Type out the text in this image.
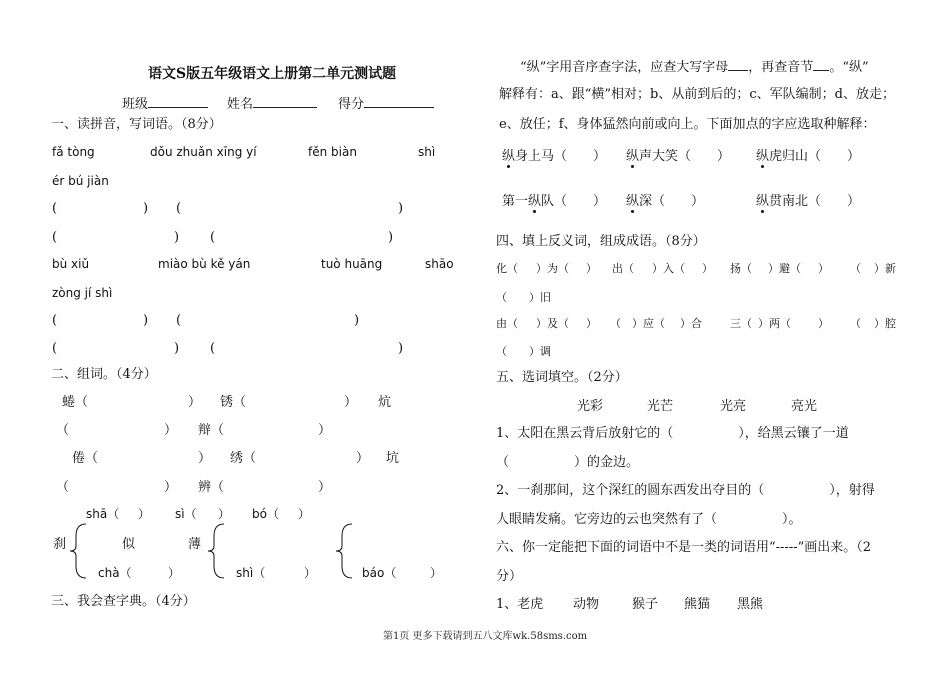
语文S版五年级语文上册第二单元测试题
班级	姓名	得分
一、读拼音，写词语。（8分）
fǎ tòng	dǒu zhuǎn xīng yí	fěn biàn	shì
ér bú jiàn
(	) (	)
(	) (	)
bù xiǔ	miào bù kě yán	tuò huāng	shāo
zòng jí shì
(	) (	)
(	) (	)
二、组词。（4分）
蜷（	） 锈（	） 炕
（	） 辩（	）
倦（	） 绣（	） 坑
（	） 辨（	）
shā（ ） sì（ ） bó（ ）
刹	似	薄
chà（	）	shì（	）	báo（	）
三、我会查字典。（4分）
“纵”字用音序查字法，应查大写字母 ，再查音节 。“纵”
解释有：a、跟“横”相对；b、从前到后的；c、军队编制；d、放走；
e、放任；f、身体猛然向前或向上。下面加点的字应选取种解释：
纵身上马（　　） 纵声大笑（　　） 纵虎归山（　　）
第一纵队（　　） 纵深（　　）	纵贯南北（　　）
四、填上反义词，组成成语。（8分）
化（ ）为（ ） 出（ ）入（ ） 扬（ ）避（ ） （ ）新
（　　）旧
由（ ）及（ ） （ ）应（ ）合	三（ ）两（ ） （ ）腔
（　　）调
五、选词填空。（2分）
光彩	光芒	光亮	亮光
1、太阳在黑云背后放射它的（　　　　　），给黑云镶了一道
（　　　　　）的金边。
2、一刹那间，这个深红的圆东西发出夺目的（　　　　　），射得
人眼睛发痛。它旁边的云也突然有了（　　　　　）。
六、你一定能把下面的词语中不是一类的词语用“-----”画出来。（2
分）
1、老虎 动物	猴子 熊猫 黑熊
第1页 更多下载请到五八文库wk.58sms.com
